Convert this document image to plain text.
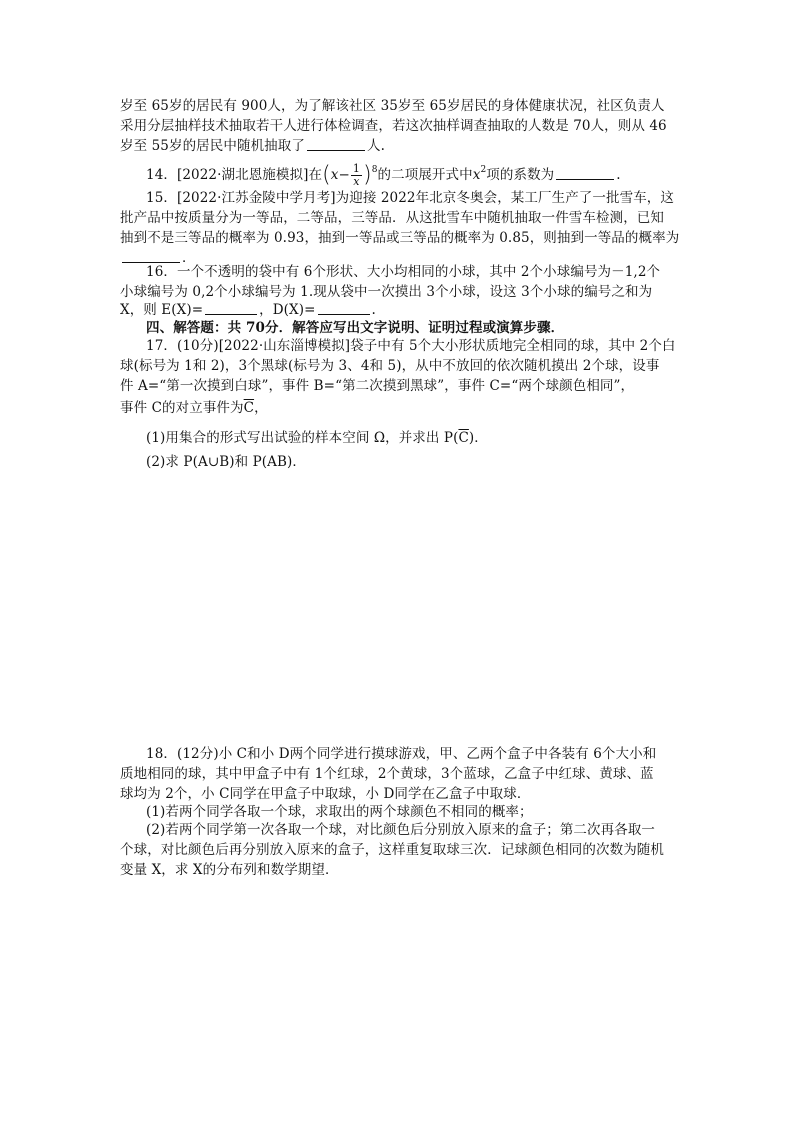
岁至 65岁的居民有 900人，为了解该社区 35岁至 65岁居民的身体健康状况，社区负责人
采用分层抽样技术抽取若干人进行体检调查，若这次抽样调查抽取的人数是 70人，则从 46
岁至 55岁的居民中随机抽取了	人.
14．[2022·湖北恩施模拟]在$(x- \frac{1}{x} )^8$的二项展开式中$x^2$项的系数为	.
15．[2022·江苏金陵中学月考]为迎接 2022年北京冬奥会，某工厂生产了一批雪车，这
批产品中按质量分为一等品，二等品，三等品．从这批雪车中随机抽取一件雪车检测，已知
抽到不是三等品的概率为 0.93，抽到一等品或三等品的概率为 0.85，则抽到一等品的概率为
．
16．一个不透明的袋中有 6个形状、大小均相同的小球，其中 2个小球编号为－1,2个
小球编号为 0,2个小球编号为 1.现从袋中一次摸出 3个小球，设这 3个小球的编号之和为
X，则 E(X)=	，D(X)=	.
四、解答题：共 70分．解答应写出文字说明、证明过程或演算步骤．
17．(10分)[2022·山东淄博模拟]袋子中有 5个大小形状质地完全相同的球，其中 2个白
球(标号为 1和 2)，3个黑球(标号为 3、4和 5)，从中不放回的依次随机摸出 2个球，设事
件 A=“第一次摸到白球”，事件 B=“第二次摸到黑球”，事件 C=“两个球颜色相同”，
事件 C的对立事件为$\overline{C}$，
(1)用集合的形式写出试验的样本空间 Ω，并求出 $P(\overline{C})$．
(2)求 P(A∪B)和 P(AB)．
18．(12分)小 C和小 D两个同学进行摸球游戏，甲、乙两个盒子中各装有 6个大小和
质地相同的球，其中甲盒子中有 1个红球，2个黄球，3个蓝球，乙盒子中红球、黄球、蓝
球均为 2个，小 C同学在甲盒子中取球，小 D同学在乙盒子中取球．
(1)若两个同学各取一个球，求取出的两个球颜色不相同的概率；
(2)若两个同学第一次各取一个球，对比颜色后分别放入原来的盒子；第二次再各取一
个球，对比颜色后再分别放入原来的盒子，这样重复取球三次．记球颜色相同的次数为随机
变量 X，求 X的分布列和数学期望．
